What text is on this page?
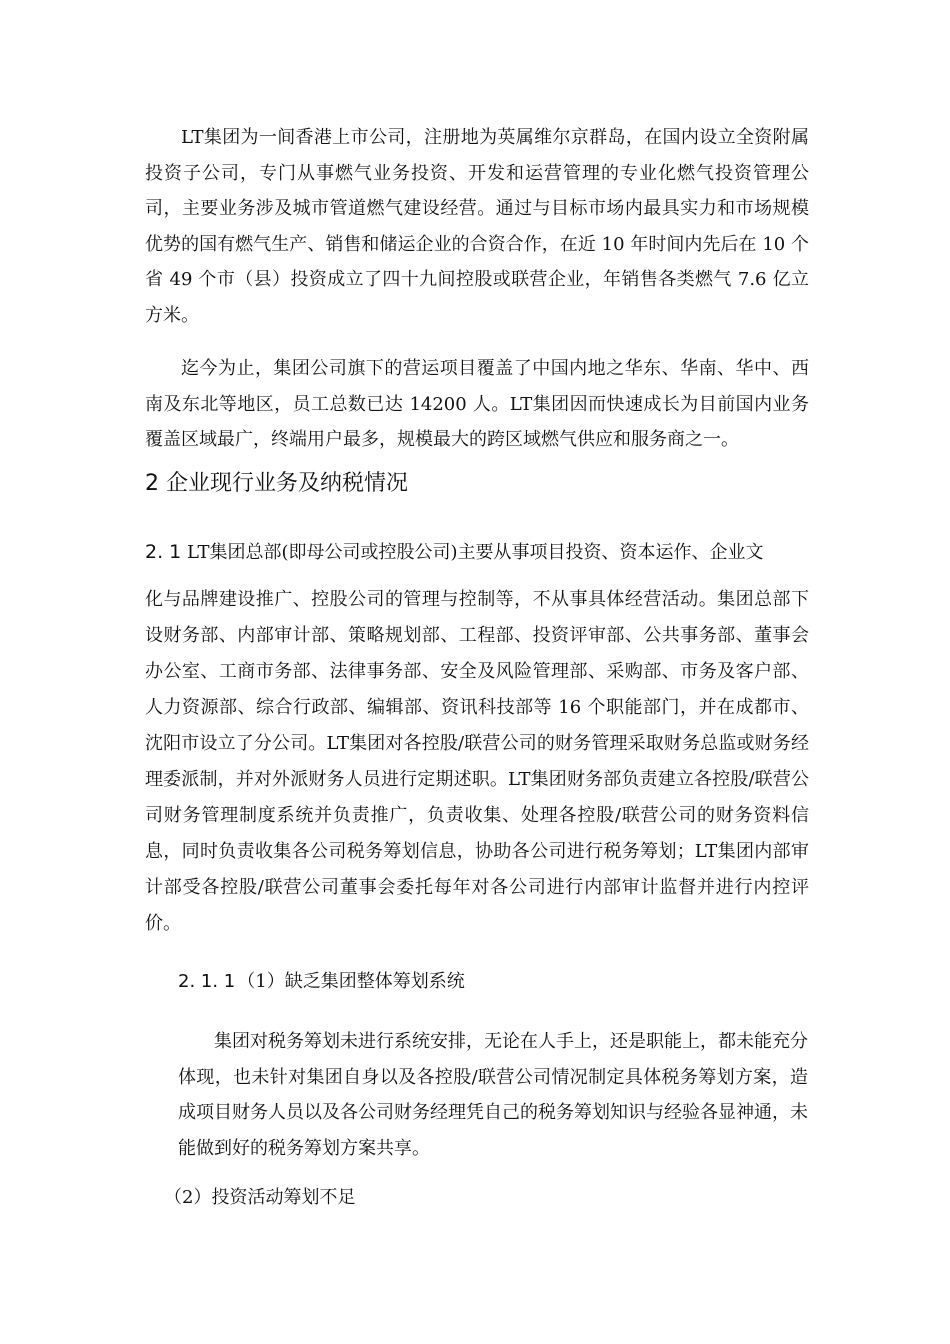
LT集团为一间香港上市公司，注册地为英属维尔京群岛，在国内设立全资附属投资子公司，专门从事燃气业务投资、开发和运营管理的专业化燃气投资管理公司，主要业务涉及城市管道燃气建设经营。通过与目标市场内最具实力和市场规模优势的国有燃气生产、销售和储运企业的合资合作，在近 10 年时间内先后在 10 个省 49 个市（县）投资成立了四十九间控股或联营企业，年销售各类燃气 7.6 亿立方米。

迄今为止，集团公司旗下的营运项目覆盖了中国内地之华东、华南、华中、西南及东北等地区，员工总数已达 14200 人。LT集团因而快速成长为目前国内业务覆盖区域最广，终端用户最多，规模最大的跨区域燃气供应和服务商之一。

2 企业现行业务及纳税情况

2. 1 LT集团总部(即母公司或控股公司)主要从事项目投资、资本运作、企业文
化与品牌建设推广、控股公司的管理与控制等，不从事具体经营活动。集团总部下设财务部、内部审计部、策略规划部、工程部、投资评审部、公共事务部、董事会办公室、工商市务部、法律事务部、安全及风险管理部、采购部、市务及客户部、人力资源部、综合行政部、编辑部、资讯科技部等 16 个职能部门，并在成都市、沈阳市设立了分公司。LT集团对各控股/联营公司的财务管理采取财务总监或财务经理委派制，并对外派财务人员进行定期述职。LT集团财务部负责建立各控股/联营公司财务管理制度系统并负责推广，负责收集、处理各控股/联营公司的财务资料信息，同时负责收集各公司税务筹划信息，协助各公司进行税务筹划；LT集团内部审计部受各控股/联营公司董事会委托每年对各公司进行内部审计监督并进行内控评价。

2. 1. 1 （1）缺乏集团整体筹划系统

集团对税务筹划未进行系统安排，无论在人手上，还是职能上，都未能充分体现，也未针对集团自身以及各控股/联营公司情况制定具体税务筹划方案，造成项目财务人员以及各公司财务经理凭自己的税务筹划知识与经验各显神通，未能做到好的税务筹划方案共享。

（2）投资活动筹划不足
